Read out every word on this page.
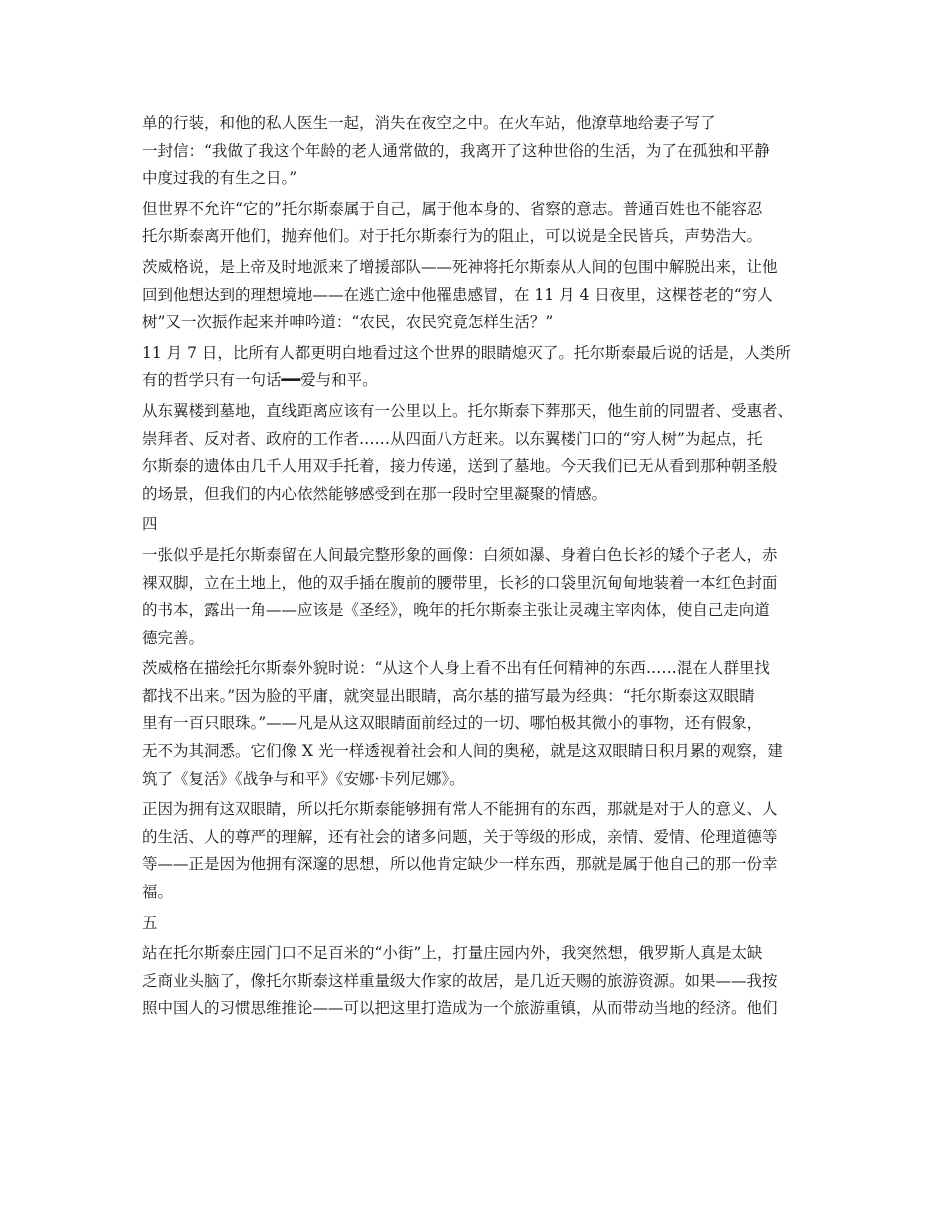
单的行装，和他的私人医生一起，消失在夜空之中。在火车站，他潦草地给妻子写了
一封信：“我做了我这个年龄的老人通常做的，我离开了这种世俗的生活，为了在孤独和平静
中度过我的有生之日。”
但世界不允许“它的”托尔斯泰属于自己，属于他本身的、省察的意志。普通百姓也不能容忍
托尔斯泰离开他们，抛弃他们。对于托尔斯泰行为的阻止，可以说是全民皆兵，声势浩大。
茨威格说，是上帝及时地派来了增援部队——死神将托尔斯泰从人间的包围中解脱出来，让他
回到他想达到的理想境地——在逃亡途中他罹患感冒，在 11 月 4 日夜里，这棵苍老的“穷人
树”又一次振作起来并呻吟道：“农民，农民究竟怎样生活？”
11 月 7 日，比所有人都更明白地看过这个世界的眼睛熄灭了。托尔斯泰最后说的话是，人类所
有的哲学只有一句话━━爱与和平。
从东翼楼到墓地，直线距离应该有一公里以上。托尔斯泰下葬那天，他生前的同盟者、受惠者、
崇拜者、反对者、政府的工作者……从四面八方赶来。以东翼楼门口的“穷人树”为起点，托
尔斯泰的遗体由几千人用双手托着，接力传递，送到了墓地。今天我们已无从看到那种朝圣般
的场景，但我们的内心依然能够感受到在那一段时空里凝聚的情感。
四
一张似乎是托尔斯泰留在人间最完整形象的画像：白须如瀑、身着白色长衫的矮个子老人，赤
裸双脚，立在土地上，他的双手插在腹前的腰带里，长衫的口袋里沉甸甸地装着一本红色封面
的书本，露出一角——应该是《圣经》，晚年的托尔斯泰主张让灵魂主宰肉体，使自己走向道
德完善。
茨威格在描绘托尔斯泰外貌时说：“从这个人身上看不出有任何精神的东西……混在人群里找
都找不出来。”因为脸的平庸，就突显出眼睛，高尔基的描写最为经典：“托尔斯泰这双眼睛
里有一百只眼珠。”——凡是从这双眼睛面前经过的一切、哪怕极其微小的事物，还有假象，
无不为其洞悉。它们像 X 光一样透视着社会和人间的奥秘，就是这双眼睛日积月累的观察，建
筑了《复活》《战争与和平》《安娜·卡列尼娜》。
正因为拥有这双眼睛，所以托尔斯泰能够拥有常人不能拥有的东西，那就是对于人的意义、人
的生活、人的尊严的理解，还有社会的诸多问题，关于等级的形成，亲情、爱情、伦理道德等
等——正是因为他拥有深邃的思想，所以他肯定缺少一样东西，那就是属于他自己的那一份幸
福。
五
站在托尔斯泰庄园门口不足百米的“小街”上，打量庄园内外，我突然想，俄罗斯人真是太缺
乏商业头脑了，像托尔斯泰这样重量级大作家的故居，是几近天赐的旅游资源。如果——我按
照中国人的习惯思维推论——可以把这里打造成为一个旅游重镇，从而带动当地的经济。他们
